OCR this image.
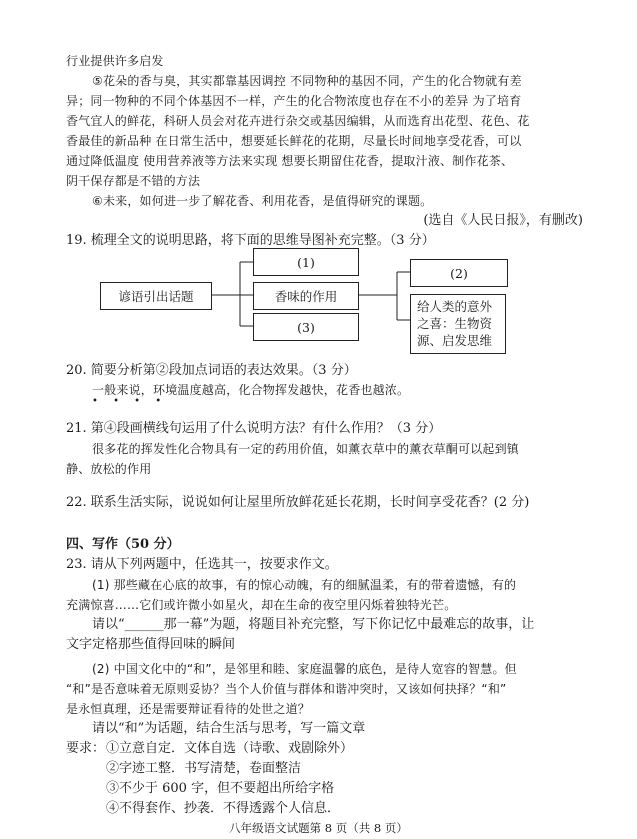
行业提供许多启发
⑤花朵的香与臭，其实都靠基因调控 不同物种的基因不同，产生的化合物就有差
异；同一物种的不同个体基因不一样，产生的化合物浓度也存在不小的差异 为了培育
香气宜人的鲜花，科研人员会对花卉进行杂交或基因编辑，从而选育出花型、花色、花
香最佳的新品种 在日常生活中，想要延长鲜花的花期，尽量长时间地享受花香，可以
通过降低温度 使用营养液等方法来实现 想要长期留住花香，提取汁液、制作花茶、
阴干保存都是不错的方法
⑥未来，如何进一步了解花香、利用花香，是值得研究的课题。
(选自《人民日报》，有删改)
19. 梳理全文的说明思路，将下面的思维导图补充完整。（3 分）
谚语引出话题
(1)
香味的作用
(3)
(2)
给人类的意外之喜：生物资源、启发思维
20. 简要分析第②段加点词语的表达效果。（3 分）
一般来说，环境温度越高，化合物挥发越快，花香也越浓。
• • • •
21. 第④段画横线句运用了什么说明方法？有什么作用？（3 分）
很多花的挥发性化合物具有一定的药用价值，如薰衣草中的薰衣草酮可以起到镇
静、放松的作用
22. 联系生活实际，说说如何让屋里所放鲜花延长花期，长时间享受花香？(2 分)
四、写作（50 分）
23. 请从下列两题中，任选其一，按要求作文。
(1) 那些藏在心底的故事，有的惊心动魄，有的细腻温柔，有的带着遗憾，有的
充满惊喜……它们或许微小如星火，却在生命的夜空里闪烁着独特光芒。
请以“______那一幕”为题，将题目补充完整，写下你记忆中最难忘的故事，让
文字定格那些值得回味的瞬间
(2) 中国文化中的“和”，是邻里和睦、家庭温馨的底色，是待人宽容的智慧。但
“和”是否意味着无原则妥协？当个人价值与群体和谐冲突时，又该如何抉择？“和”
是永恒真理，还是需要辩证看待的处世之道？
请以“和”为话题，结合生活与思考，写一篇文章
要求： ①立意自定．文体自选（诗歌、戏剧除外）
②字迹工整．书写清楚，卷面整洁
③不少于 600 字，但不要超出所给字格
④不得套作、抄袭．不得透露个人信息．
八年级语文试题第 8 页（共 8 页）
